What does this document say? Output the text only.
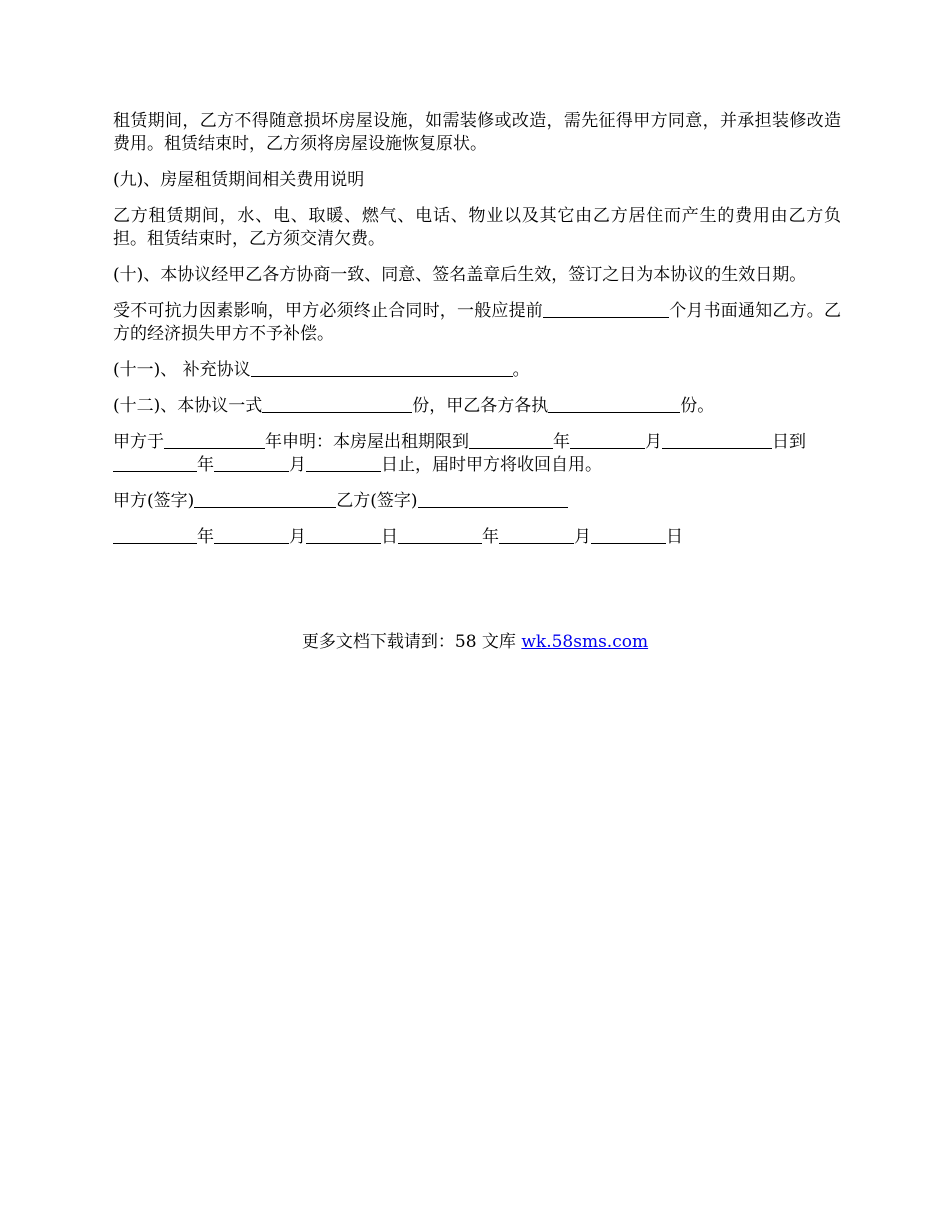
租赁期间，乙方不得随意损坏房屋设施，如需装修或改造，需先征得甲方同意，并承担装修改造费用。租赁结束时，乙方须将房屋设施恢复原状。

(九)、房屋租赁期间相关费用说明

乙方租赁期间，水、电、取暖、燃气、电话、物业以及其它由乙方居住而产生的费用由乙方负担。租赁结束时，乙方须交清欠费。

(十)、本协议经甲乙各方协商一致、同意、签名盖章后生效，签订之日为本协议的生效日期。

受不可抗力因素影响，甲方必须终止合同时，一般应提前	个月书面通知乙方。乙方的经济损失甲方不予补偿。

(十一)、 补充协议	。

(十二)、本协议一式	份，甲乙各方各执	份。

甲方于	年申明：本房屋出租期限到	年	月	日到
年	月	日止，届时甲方将收回自用。

甲方(签字)	乙方(签字)

年	月	日	年	月	日

更多文档下载请到：58 文库 wk.58sms.com
